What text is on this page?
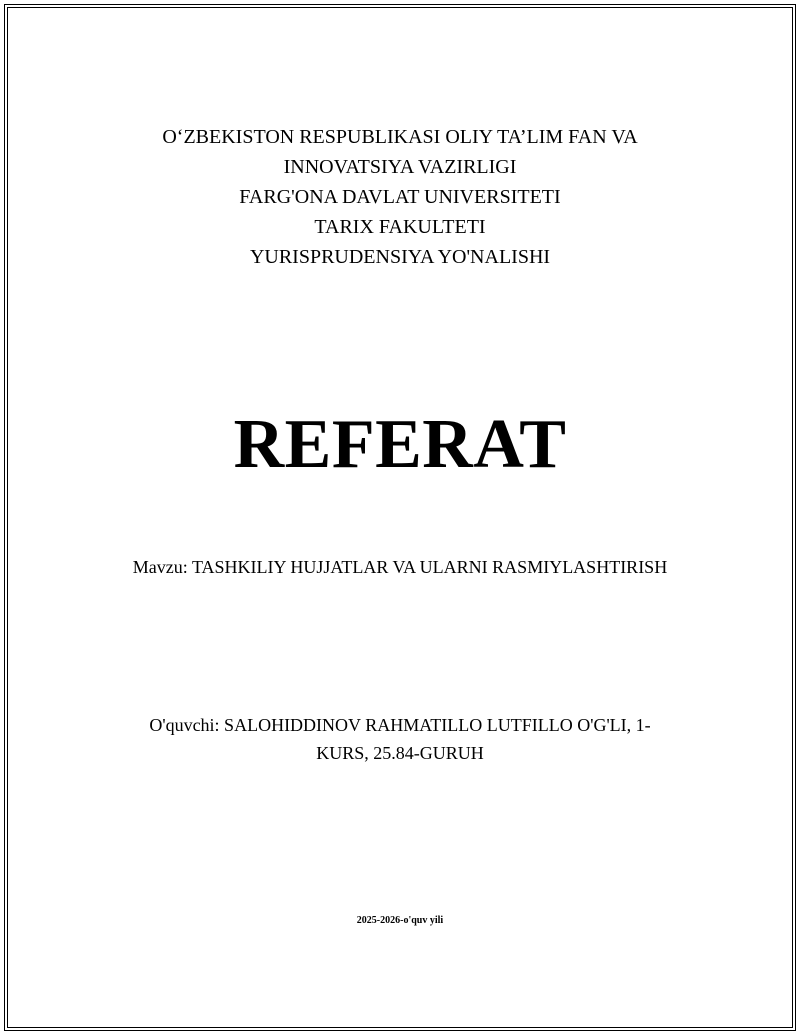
O‘ZBEKISTON RESPUBLIKASI OLIY TA’LIM FAN VA
INNOVATSIYA VAZIRLIGI
FARG'ONA DAVLAT UNIVERSITETI
TARIX FAKULTETI
YURISPRUDENSIYA YO'NALISHI
REFERAT
Mavzu: TASHKILIY HUJJATLAR VA ULARNI RASMIYLASHTIRISH
O'quvchi: SALOHIDDINOV RAHMATILLO LUTFILLO O'G'LI, 1-
KURS, 25.84-GURUH
2025-2026-o'quv yili
